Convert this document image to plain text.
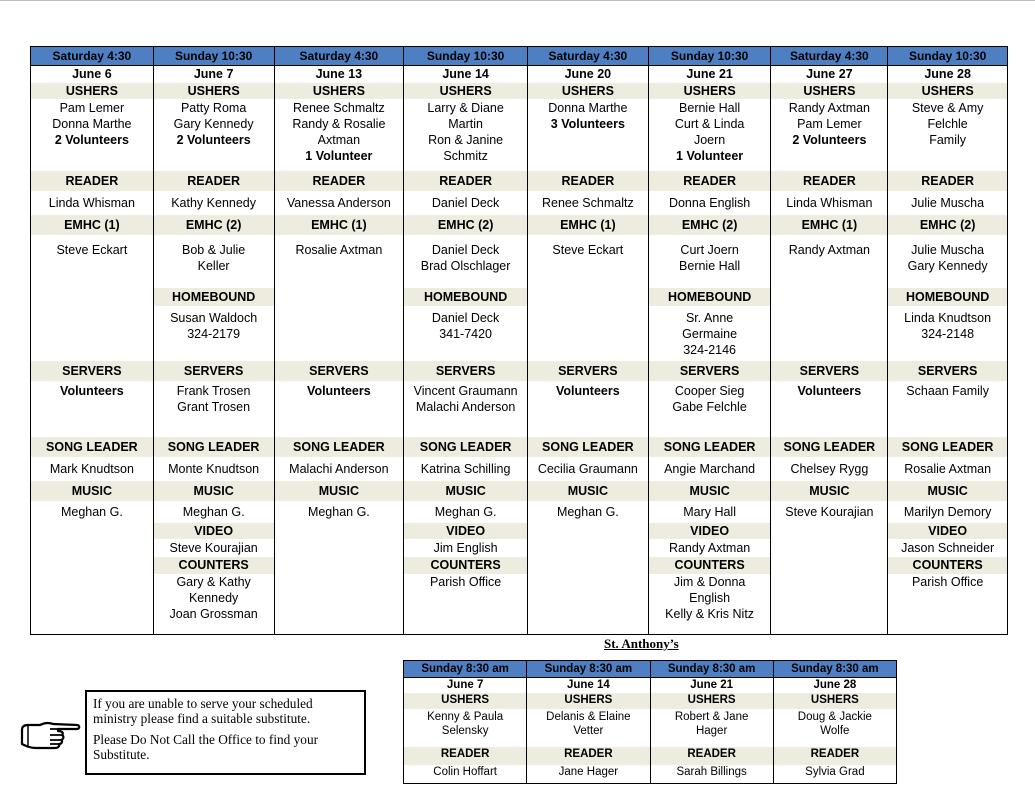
Saturday 4:30
June 6
USHERS
Pam Lemer
Donna Marthe
2 Volunteers
READER
Linda Whisman
EMHC (1)
Steve Eckart
SERVERS
Volunteers
SONG LEADER
Mark Knudtson
MUSIC
Meghan G.
Sunday 10:30
June 7
USHERS
Patty Roma
Gary Kennedy
2 Volunteers
READER
Kathy Kennedy
EMHC (2)
Bob & Julie
Keller
HOMEBOUND
Susan Waldoch
324-2179
SERVERS
Frank Trosen
Grant Trosen
SONG LEADER
Monte Knudtson
MUSIC
Meghan G.
VIDEO
Steve Kourajian
COUNTERS
Gary & Kathy
Kennedy
Joan Grossman
Saturday 4:30
June 13
USHERS
Renee Schmaltz
Randy & Rosalie
Axtman
1 Volunteer
READER
Vanessa Anderson
EMHC (1)
Rosalie Axtman
SERVERS
Volunteers
SONG LEADER
Malachi Anderson
MUSIC
Meghan G.
Sunday 10:30
June 14
USHERS
Larry & Diane
Martin
Ron & Janine
Schmitz
READER
Daniel Deck
EMHC (2)
Daniel Deck
Brad Olschlager
HOMEBOUND
Daniel Deck
341-7420
SERVERS
Vincent Graumann
Malachi Anderson
SONG LEADER
Katrina Schilling
MUSIC
Meghan G.
VIDEO
Jim English
COUNTERS
Parish Office
Saturday 4:30
June 20
USHERS
Donna Marthe
3 Volunteers
READER
Renee Schmaltz
EMHC (1)
Steve Eckart
SERVERS
Volunteers
SONG LEADER
Cecilia Graumann
MUSIC
Meghan G.
Sunday 10:30
June 21
USHERS
Bernie Hall
Curt & Linda
Joern
1 Volunteer
READER
Donna English
EMHC (2)
Curt Joern
Bernie Hall
HOMEBOUND
Sr. Anne
Germaine
324-2146
SERVERS
Cooper Sieg
Gabe Felchle
SONG LEADER
Angie Marchand
MUSIC
Mary Hall
VIDEO
Randy Axtman
COUNTERS
Jim & Donna
English
Kelly & Kris Nitz
Saturday 4:30
June 27
USHERS
Randy Axtman
Pam Lemer
2 Volunteers
READER
Linda Whisman
EMHC (1)
Randy Axtman
SERVERS
Volunteers
SONG LEADER
Chelsey Rygg
MUSIC
Steve Kourajian
Sunday 10:30
June 28
USHERS
Steve & Amy
Felchle
Family
READER
Julie Muscha
EMHC (2)
Julie Muscha
Gary Kennedy
HOMEBOUND
Linda Knudtson
324-2148
SERVERS
Schaan Family
SONG LEADER
Rosalie Axtman
MUSIC
Marilyn Demory
VIDEO
Jason Schneider
COUNTERS
Parish Office
St. Anthony’s
Sunday 8:30 am
June 7
USHERS
Kenny & Paula
Selensky
READER
Colin Hoffart
Sunday 8:30 am
June 14
USHERS
Delanis & Elaine
Vetter
READER
Jane Hager
Sunday 8:30 am
June 21
USHERS
Robert & Jane
Hager
READER
Sarah Billings
Sunday 8:30 am
June 28
USHERS
Doug & Jackie
Wolfe
READER
Sylvia Grad

If you are unable to serve your scheduled ministry please find a suitable substitute.

Please Do Not Call the Office to find your Substitute.
